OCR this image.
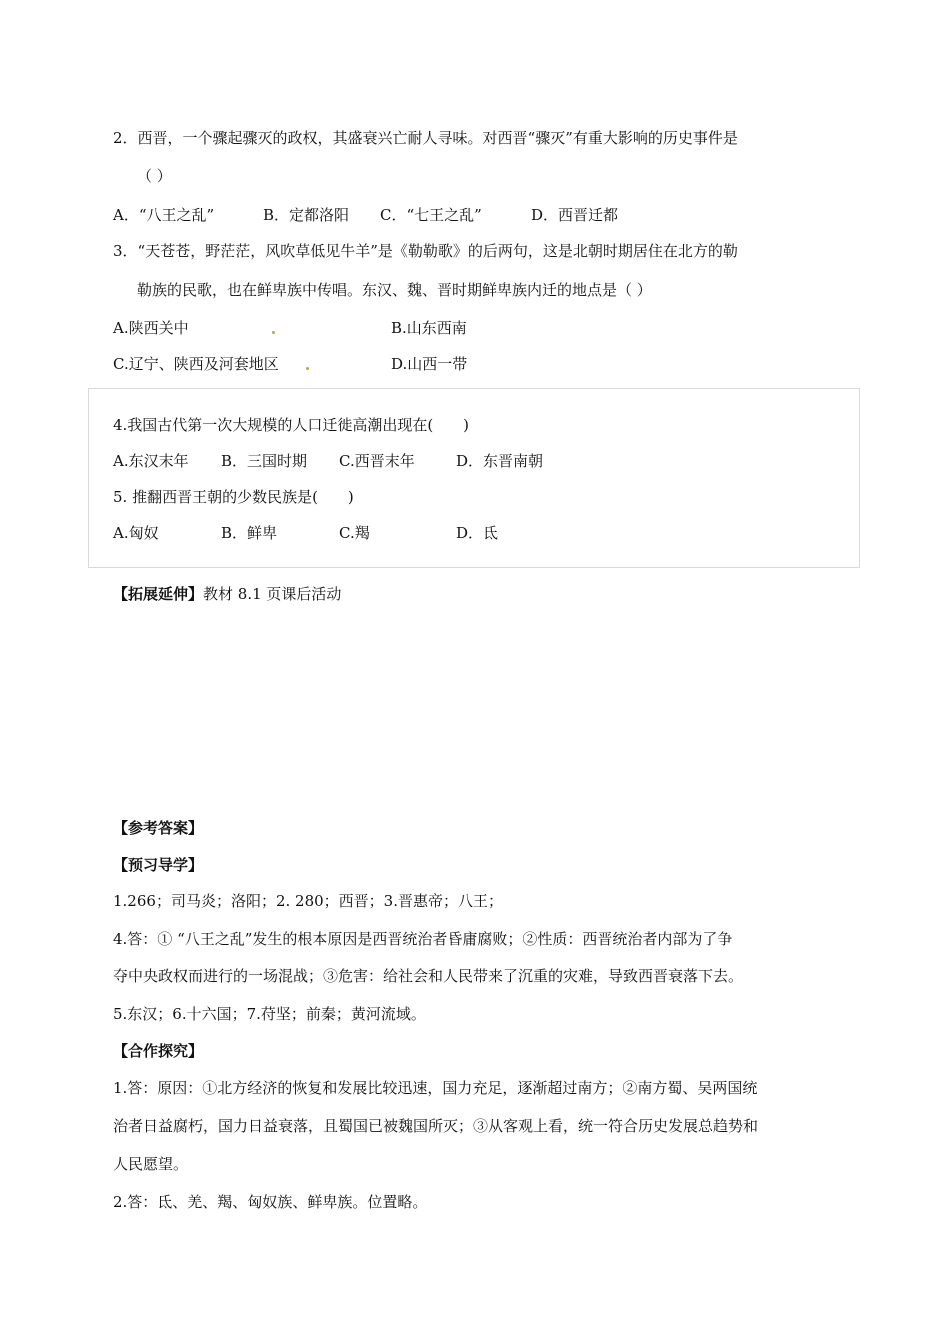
2．西晋，一个骤起骤灭的政权，其盛衰兴亡耐人寻味。对西晋“骤灭”有重大影响的历史事件是
（ ）
A．“八王之乱”	B．定都洛阳 C．“七王之乱”	D．西晋迁都
3．“天苍苍，野茫茫，风吹草低见牛羊”是《勒勒歌》的后两句，这是北朝时期居住在北方的勒
勒族的民歌，也在鲜卑族中传唱。东汉、魏、晋时期鲜卑族内迁的地点是（ ）
A.陕西关中	B.山东西南
C.辽宁、陕西及河套地区	D.山西一带
4.我国古代第一次大规模的人口迁徙高潮出现在(　　)
A.东汉末年 B．三国时期 C.西晋末年	D．东晋南朝
5. 推翻西晋王朝的少数民族是(　　)
A.匈奴	B．鲜卑	C.羯	D．氐
【拓展延伸】教材 8.1 页课后活动
【参考答案】
【预习导学】
1.266；司马炎；洛阳；2. 280；西晋；3.晋惠帝；八王；
4.答：① “八王之乱”发生的根本原因是西晋统治者昏庸腐败；②性质：西晋统治者内部为了争
夺中央政权而进行的一场混战；③危害：给社会和人民带来了沉重的灾难，导致西晋衰落下去。
5.东汉；6.十六国；7.苻坚；前秦；黄河流域。
【合作探究】
1.答：原因：①北方经济的恢复和发展比较迅速，国力充足，逐渐超过南方；②南方蜀、吴两国统
治者日益腐朽，国力日益衰落，且蜀国已被魏国所灭；③从客观上看，统一符合历史发展总趋势和
人民愿望。
2.答：氐、羌、羯、匈奴族、鲜卑族。位置略。
